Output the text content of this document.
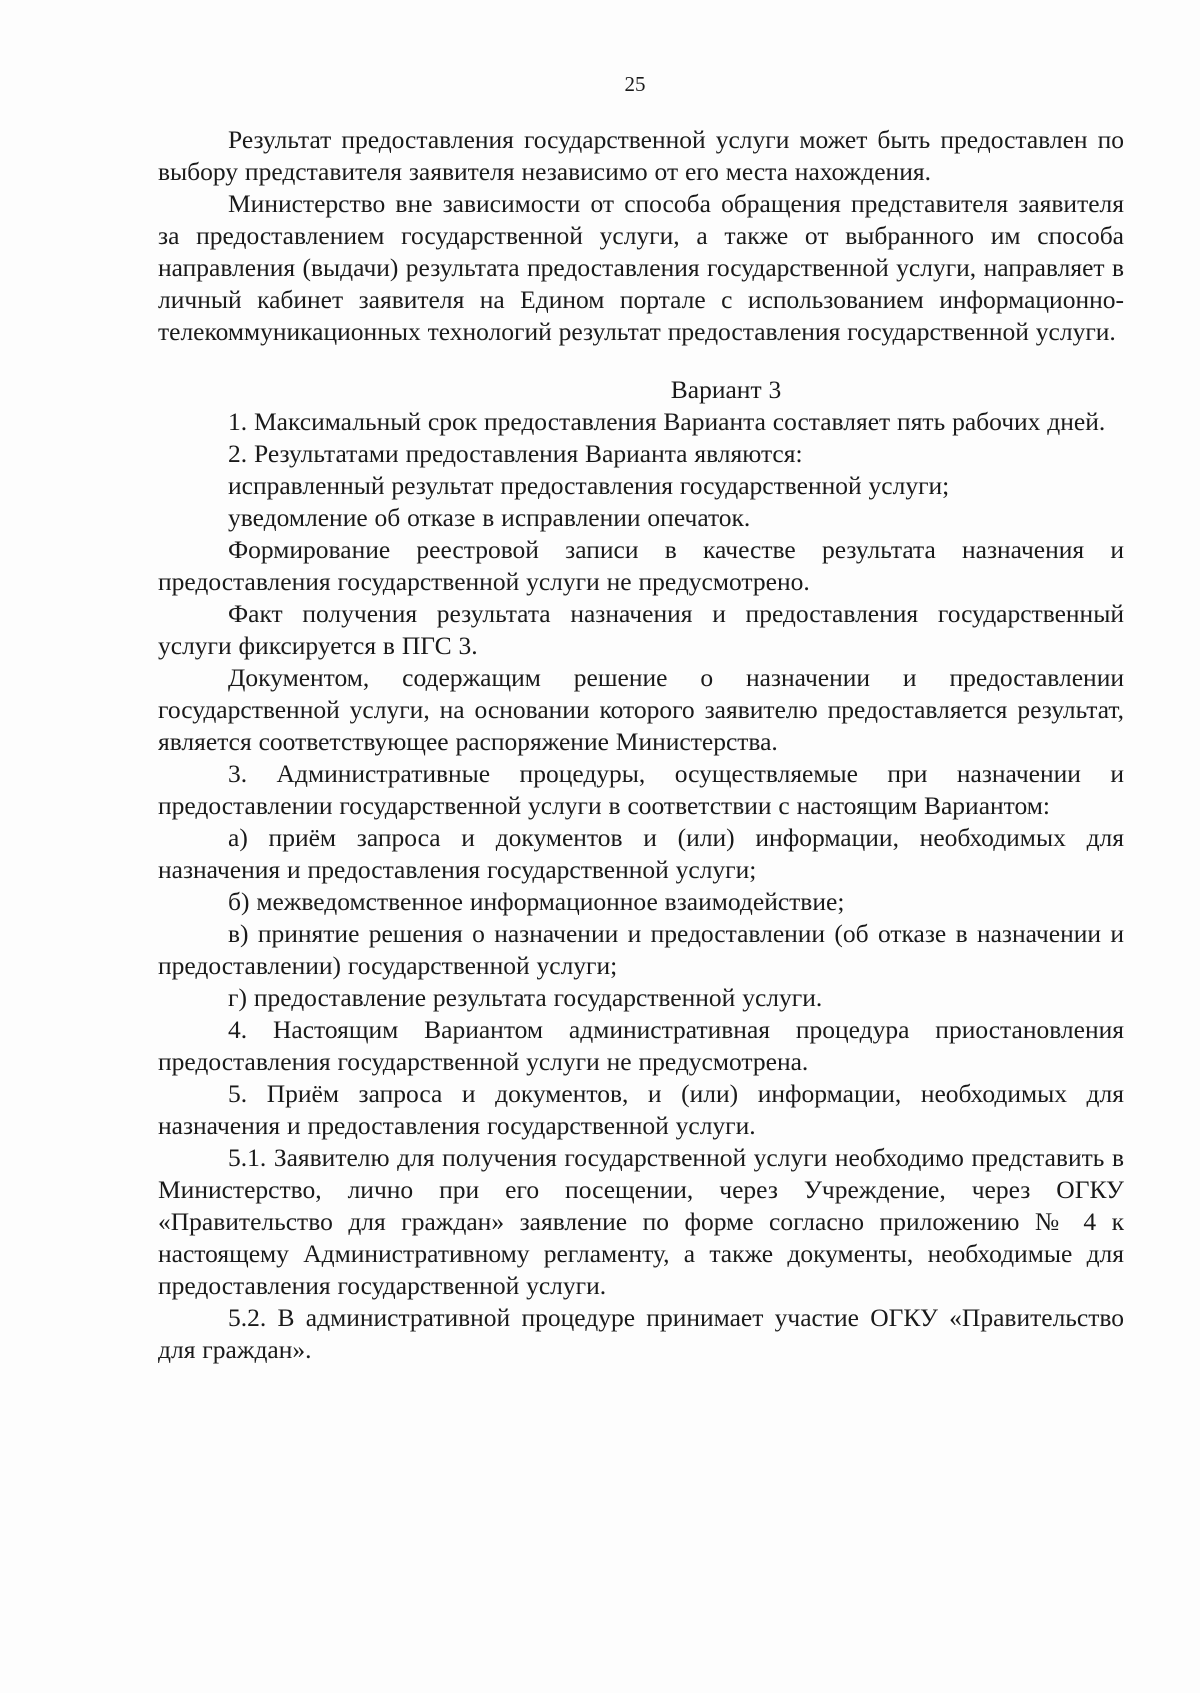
25

Результат предоставления государственной услуги может быть предоставлен по выбору представителя заявителя независимо от его места нахождения.

Министерство вне зависимости от способа обращения представителя заявителя за предоставлением государственной услуги, а также от выбранного им способа направления (выдачи) результата предоставления государственной услуги, направляет в личный кабинет заявителя на Едином портале с использованием информационно-телекоммуникационных технологий результат предоставления государственной услуги.

Вариант 3

1. Максимальный срок предоставления Варианта составляет пять рабочих дней.

2. Результатами предоставления Варианта являются:

исправленный результат предоставления государственной услуги;

уведомление об отказе в исправлении опечаток.

Формирование реестровой записи в качестве результата назначения и предоставления государственной услуги не предусмотрено.

Факт получения результата назначения и предоставления государственный услуги фиксируется в ПГС 3.

Документом, содержащим решение о назначении и предоставлении государственной услуги, на основании которого заявителю предоставляется результат, является соответствующее распоряжение Министерства.

3. Административные процедуры, осуществляемые при назначении и предоставлении государственной услуги в соответствии с настоящим Вариантом:

а) приём запроса и документов и (или) информации, необходимых для назначения и предоставления государственной услуги;

б) межведомственное информационное взаимодействие;

в) принятие решения о назначении и предоставлении (об отказе в назначении и предоставлении) государственной услуги;

г) предоставление результата государственной услуги.

4. Настоящим Вариантом административная процедура приостановления предоставления государственной услуги не предусмотрена.

5. Приём запроса и документов, и (или) информации, необходимых для назначения и предоставления государственной услуги.

5.1. Заявителю для получения государственной услуги необходимо представить в Министерство, лично при его посещении, через Учреждение, через ОГКУ «Правительство для граждан» заявление по форме согласно приложению № 4 к настоящему Административному регламенту, а также документы, необходимые для предоставления государственной услуги.

5.2. В административной процедуре принимает участие ОГКУ «Правительство для граждан».
